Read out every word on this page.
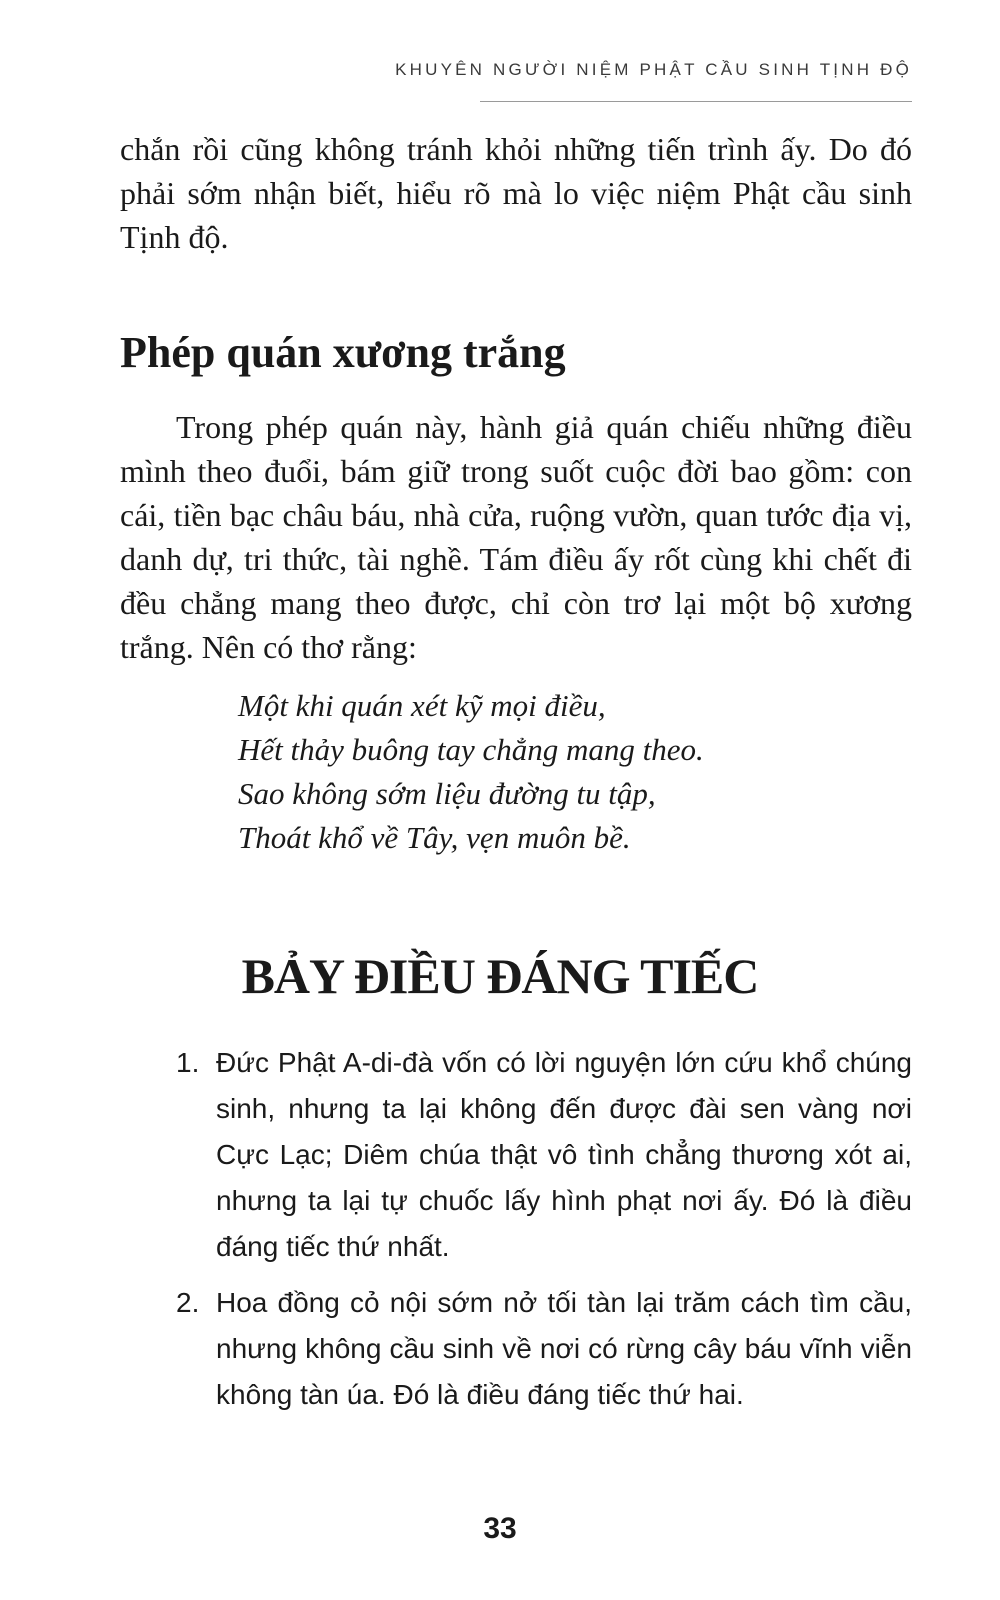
KHUYÊN NGƯỜI NIỆM PHẬT CẦU SINH TỊNH ĐỘ

chắn rồi cũng không tránh khỏi những tiến trình ấy. Do đó phải sớm nhận biết, hiểu rõ mà lo việc niệm Phật cầu sinh Tịnh độ.

Phép quán xương trắng

Trong phép quán này, hành giả quán chiếu những điều mình theo đuổi, bám giữ trong suốt cuộc đời bao gồm: con cái, tiền bạc châu báu, nhà cửa, ruộng vườn, quan tước địa vị, danh dự, tri thức, tài nghề. Tám điều ấy rốt cùng khi chết đi đều chẳng mang theo được, chỉ còn trơ lại một bộ xương trắng. Nên có thơ rằng:

Một khi quán xét kỹ mọi điều,
Hết thảy buông tay chẳng mang theo.
Sao không sớm liệu đường tu tập,
Thoát khổ về Tây, vẹn muôn bề.
BẢY ĐIỀU ĐÁNG TIẾC
1. Đức Phật A-di-đà vốn có lời nguyện lớn cứu khổ chúng sinh, nhưng ta lại không đến được đài sen vàng nơi Cực Lạc; Diêm chúa thật vô tình chẳng thương xót ai, nhưng ta lại tự chuốc lấy hình phạt nơi ấy. Đó là điều đáng tiếc thứ nhất.
2. Hoa đồng cỏ nội sớm nở tối tàn lại trăm cách tìm cầu, nhưng không cầu sinh về nơi có rừng cây báu vĩnh viễn không tàn úa. Đó là điều đáng tiếc thứ hai.
33
